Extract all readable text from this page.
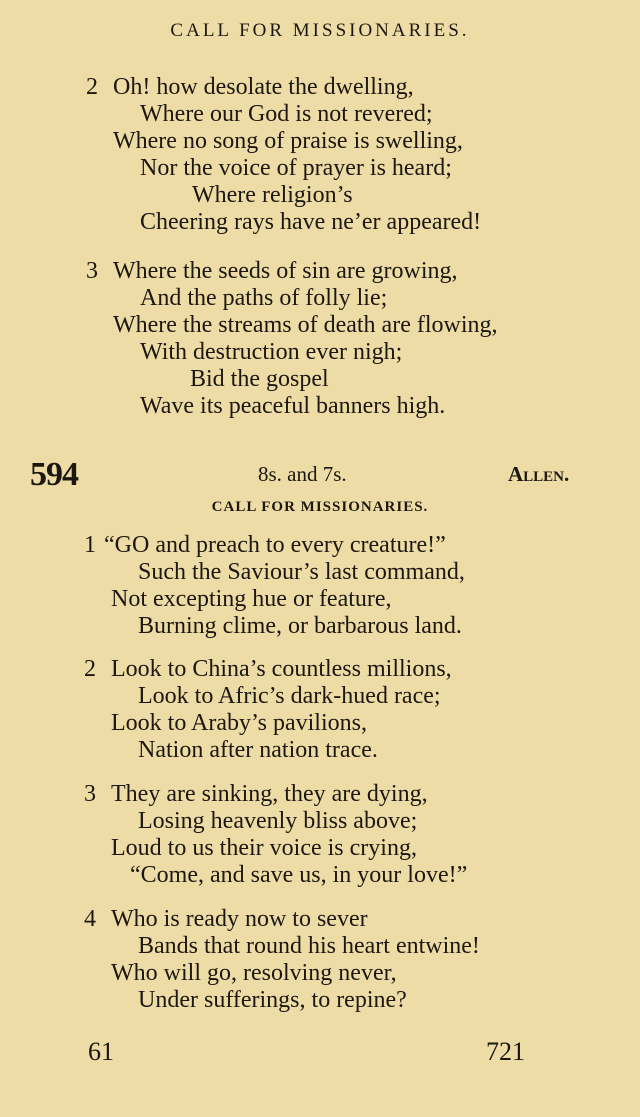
CALL FOR MISSIONARIES.
2 Oh! how desolate the dwelling,
Where our God is not revered;
Where no song of praise is swelling,
Nor the voice of prayer is heard;
Where religion’s
Cheering rays have ne’er appeared!
3 Where the seeds of sin are growing,
And the paths of folly lie;
Where the streams of death are flowing,
With destruction ever nigh;
Bid the gospel
Wave its peaceful banners high.
594	8s. and 7s.	Allen.
CALL FOR MISSIONARIES.
1 “GO and preach to every creature!”
Such the Saviour’s last command,
Not excepting hue or feature,
Burning clime, or barbarous land.
2 Look to China’s countless millions,
Look to Afric’s dark-hued race;
Look to Araby’s pavilions,
Nation after nation trace.
3 They are sinking, they are dying,
Losing heavenly bliss above;
Loud to us their voice is crying,
“Come, and save us, in your love!”
4 Who is ready now to sever
Bands that round his heart entwine!
Who will go, resolving never,
Under sufferings, to repine?
61	721
